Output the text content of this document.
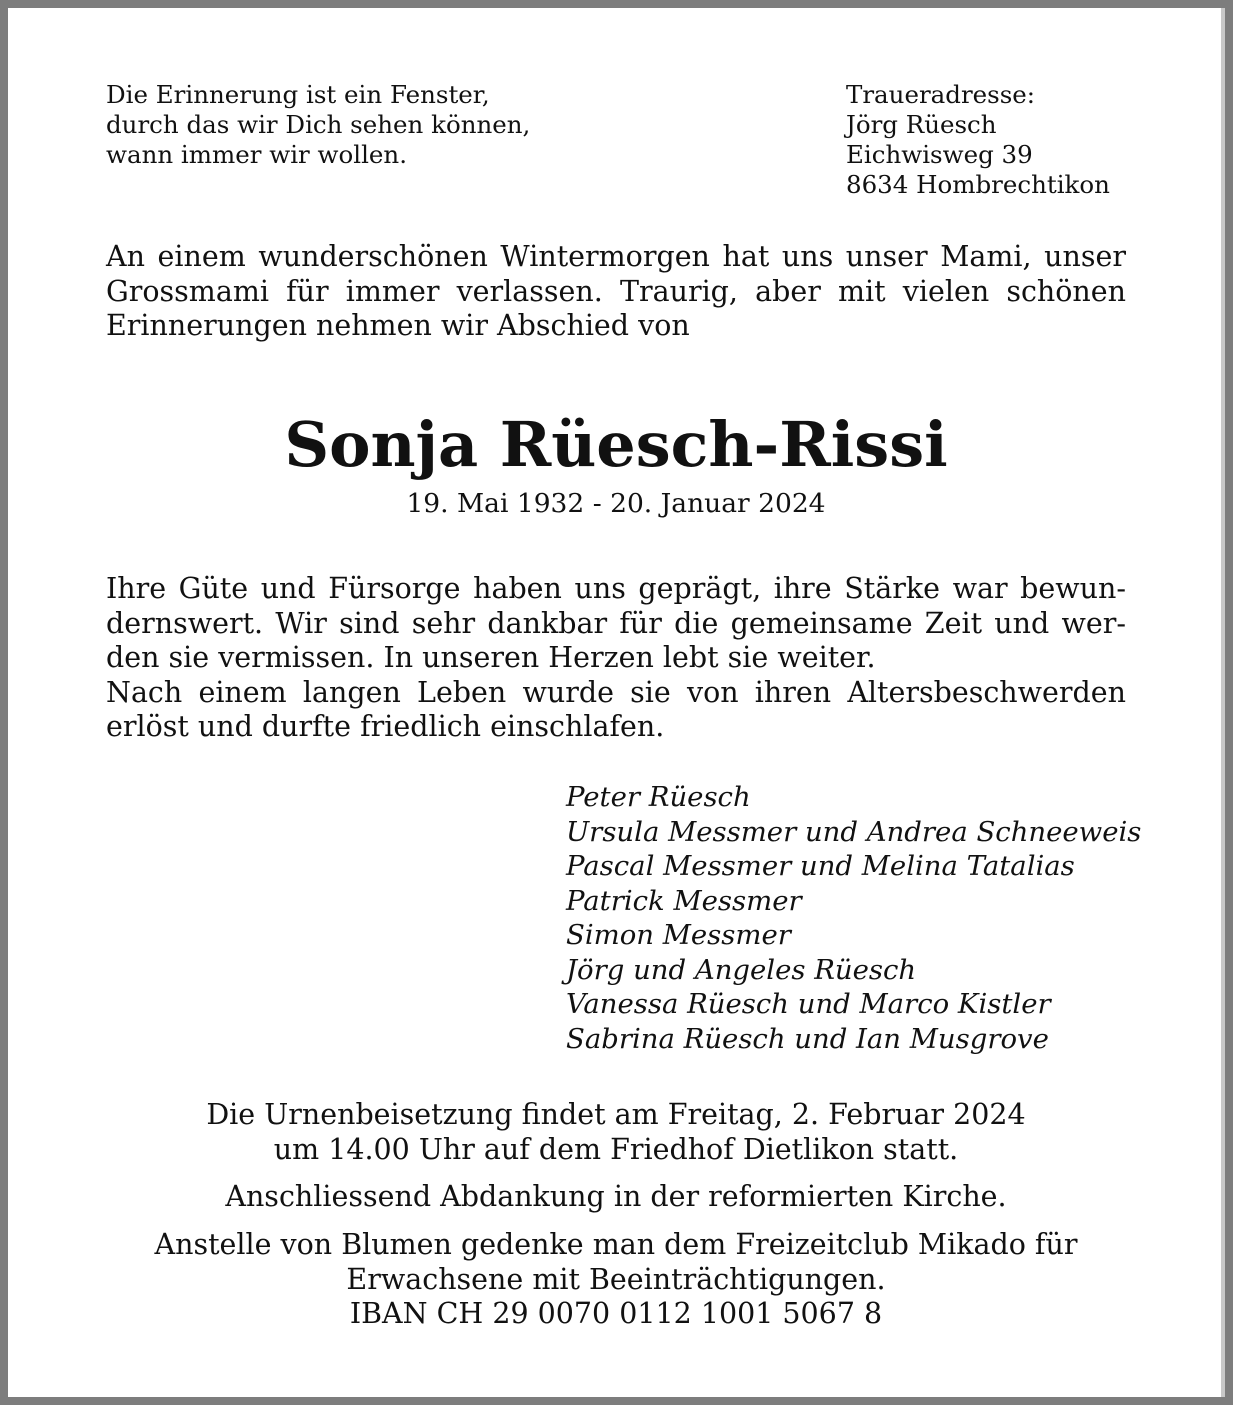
Die Erinnerung ist ein Fenster,
durch das wir Dich sehen können,
wann immer wir wollen.
Traueradresse:
Jörg Rüesch
Eichwisweg 39
8634 Hombrechtikon
An einem wunderschönen Wintermorgen hat uns unser Mami, unser
Grossmami für immer verlassen. Traurig, aber mit vielen schönen
Erinnerungen nehmen wir Abschied von
Sonja Rüesch-Rissi
19. Mai 1932 - 20. Januar 2024
Ihre Güte und Fürsorge haben uns geprägt, ihre Stärke war bewun-
dernswert. Wir sind sehr dankbar für die gemeinsame Zeit und wer-
den sie vermissen. In unseren Herzen lebt sie weiter.
Nach einem langen Leben wurde sie von ihren Altersbeschwerden
erlöst und durfte friedlich einschlafen.
Peter Rüesch
Ursula Messmer und Andrea Schneeweis
Pascal Messmer und Melina Tatalias
Patrick Messmer
Simon Messmer
Jörg und Angeles Rüesch
Vanessa Rüesch und Marco Kistler
Sabrina Rüesch und Ian Musgrove
Die Urnenbeisetzung findet am Freitag, 2. Februar 2024
um 14.00 Uhr auf dem Friedhof Dietlikon statt.
Anschliessend Abdankung in der reformierten Kirche.
Anstelle von Blumen gedenke man dem Freizeitclub Mikado für
Erwachsene mit Beeinträchtigungen.
IBAN CH 29 0070 0112 1001 5067 8
